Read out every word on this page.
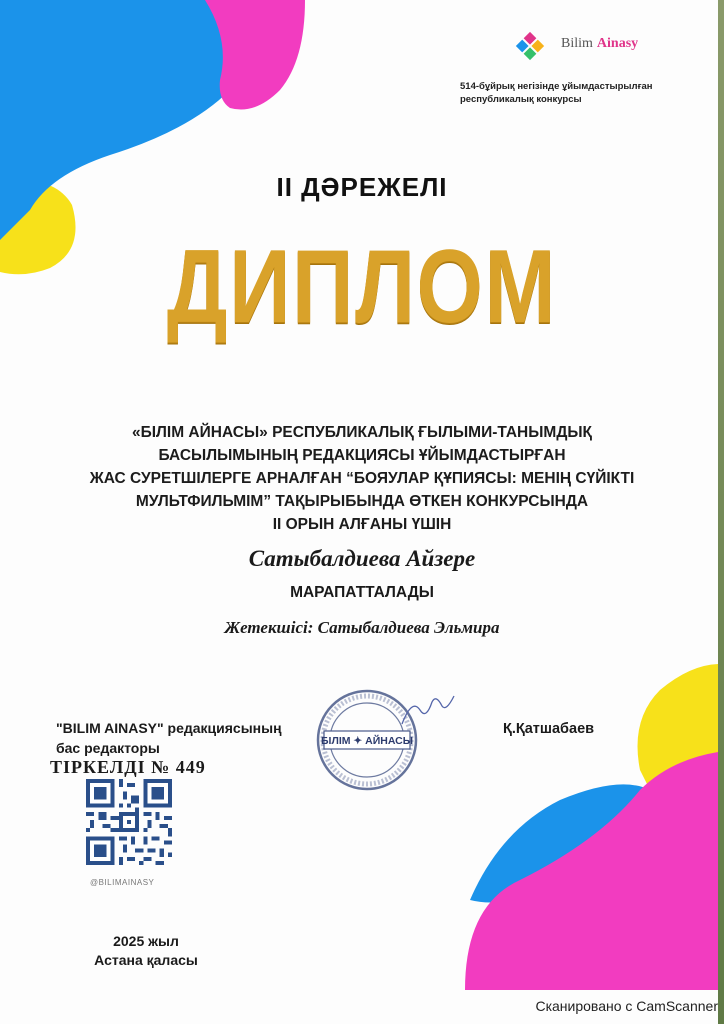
Bilim Ainasy
514-бұйрық негізінде ұйымдастырылған
республикалық конкурсы
II ДӘРЕЖЕЛІ
ДИПЛОМ
«БІЛІМ АЙНАСЫ» РЕСПУБЛИКАЛЫҚ ҒЫЛЫМИ-ТАНЫМДЫҚ
БАСЫЛЫМЫНЫҢ РЕДАКЦИЯСЫ ҰЙЫМДАСТЫРҒАН
ЖАС СУРЕТШІЛЕРГЕ АРНАЛҒАН “БОЯУЛАР ҚҰПИЯСЫ: МЕНІҢ СҮЙІКТІ
МУЛЬТФИЛЬМІМ” ТАҚЫРЫБЫНДА ӨТКЕН КОНКУРСЫНДА
II ОРЫН АЛҒАНЫ ҮШІН
Сатыбалдиева Айзере
МАРАПАТТАЛАДЫ
Жетекшісі: Сатыбалдиева Эльмира
"BILIM AINASY" редакциясының
бас редакторы
ТІРКЕЛДІ № 449
БІЛІМ ✦ АЙНАСЫ
Қ.Қатшабаев
@BILIMAINASY
2025 жыл
Астана қаласы
Сканировано с CamScanner
